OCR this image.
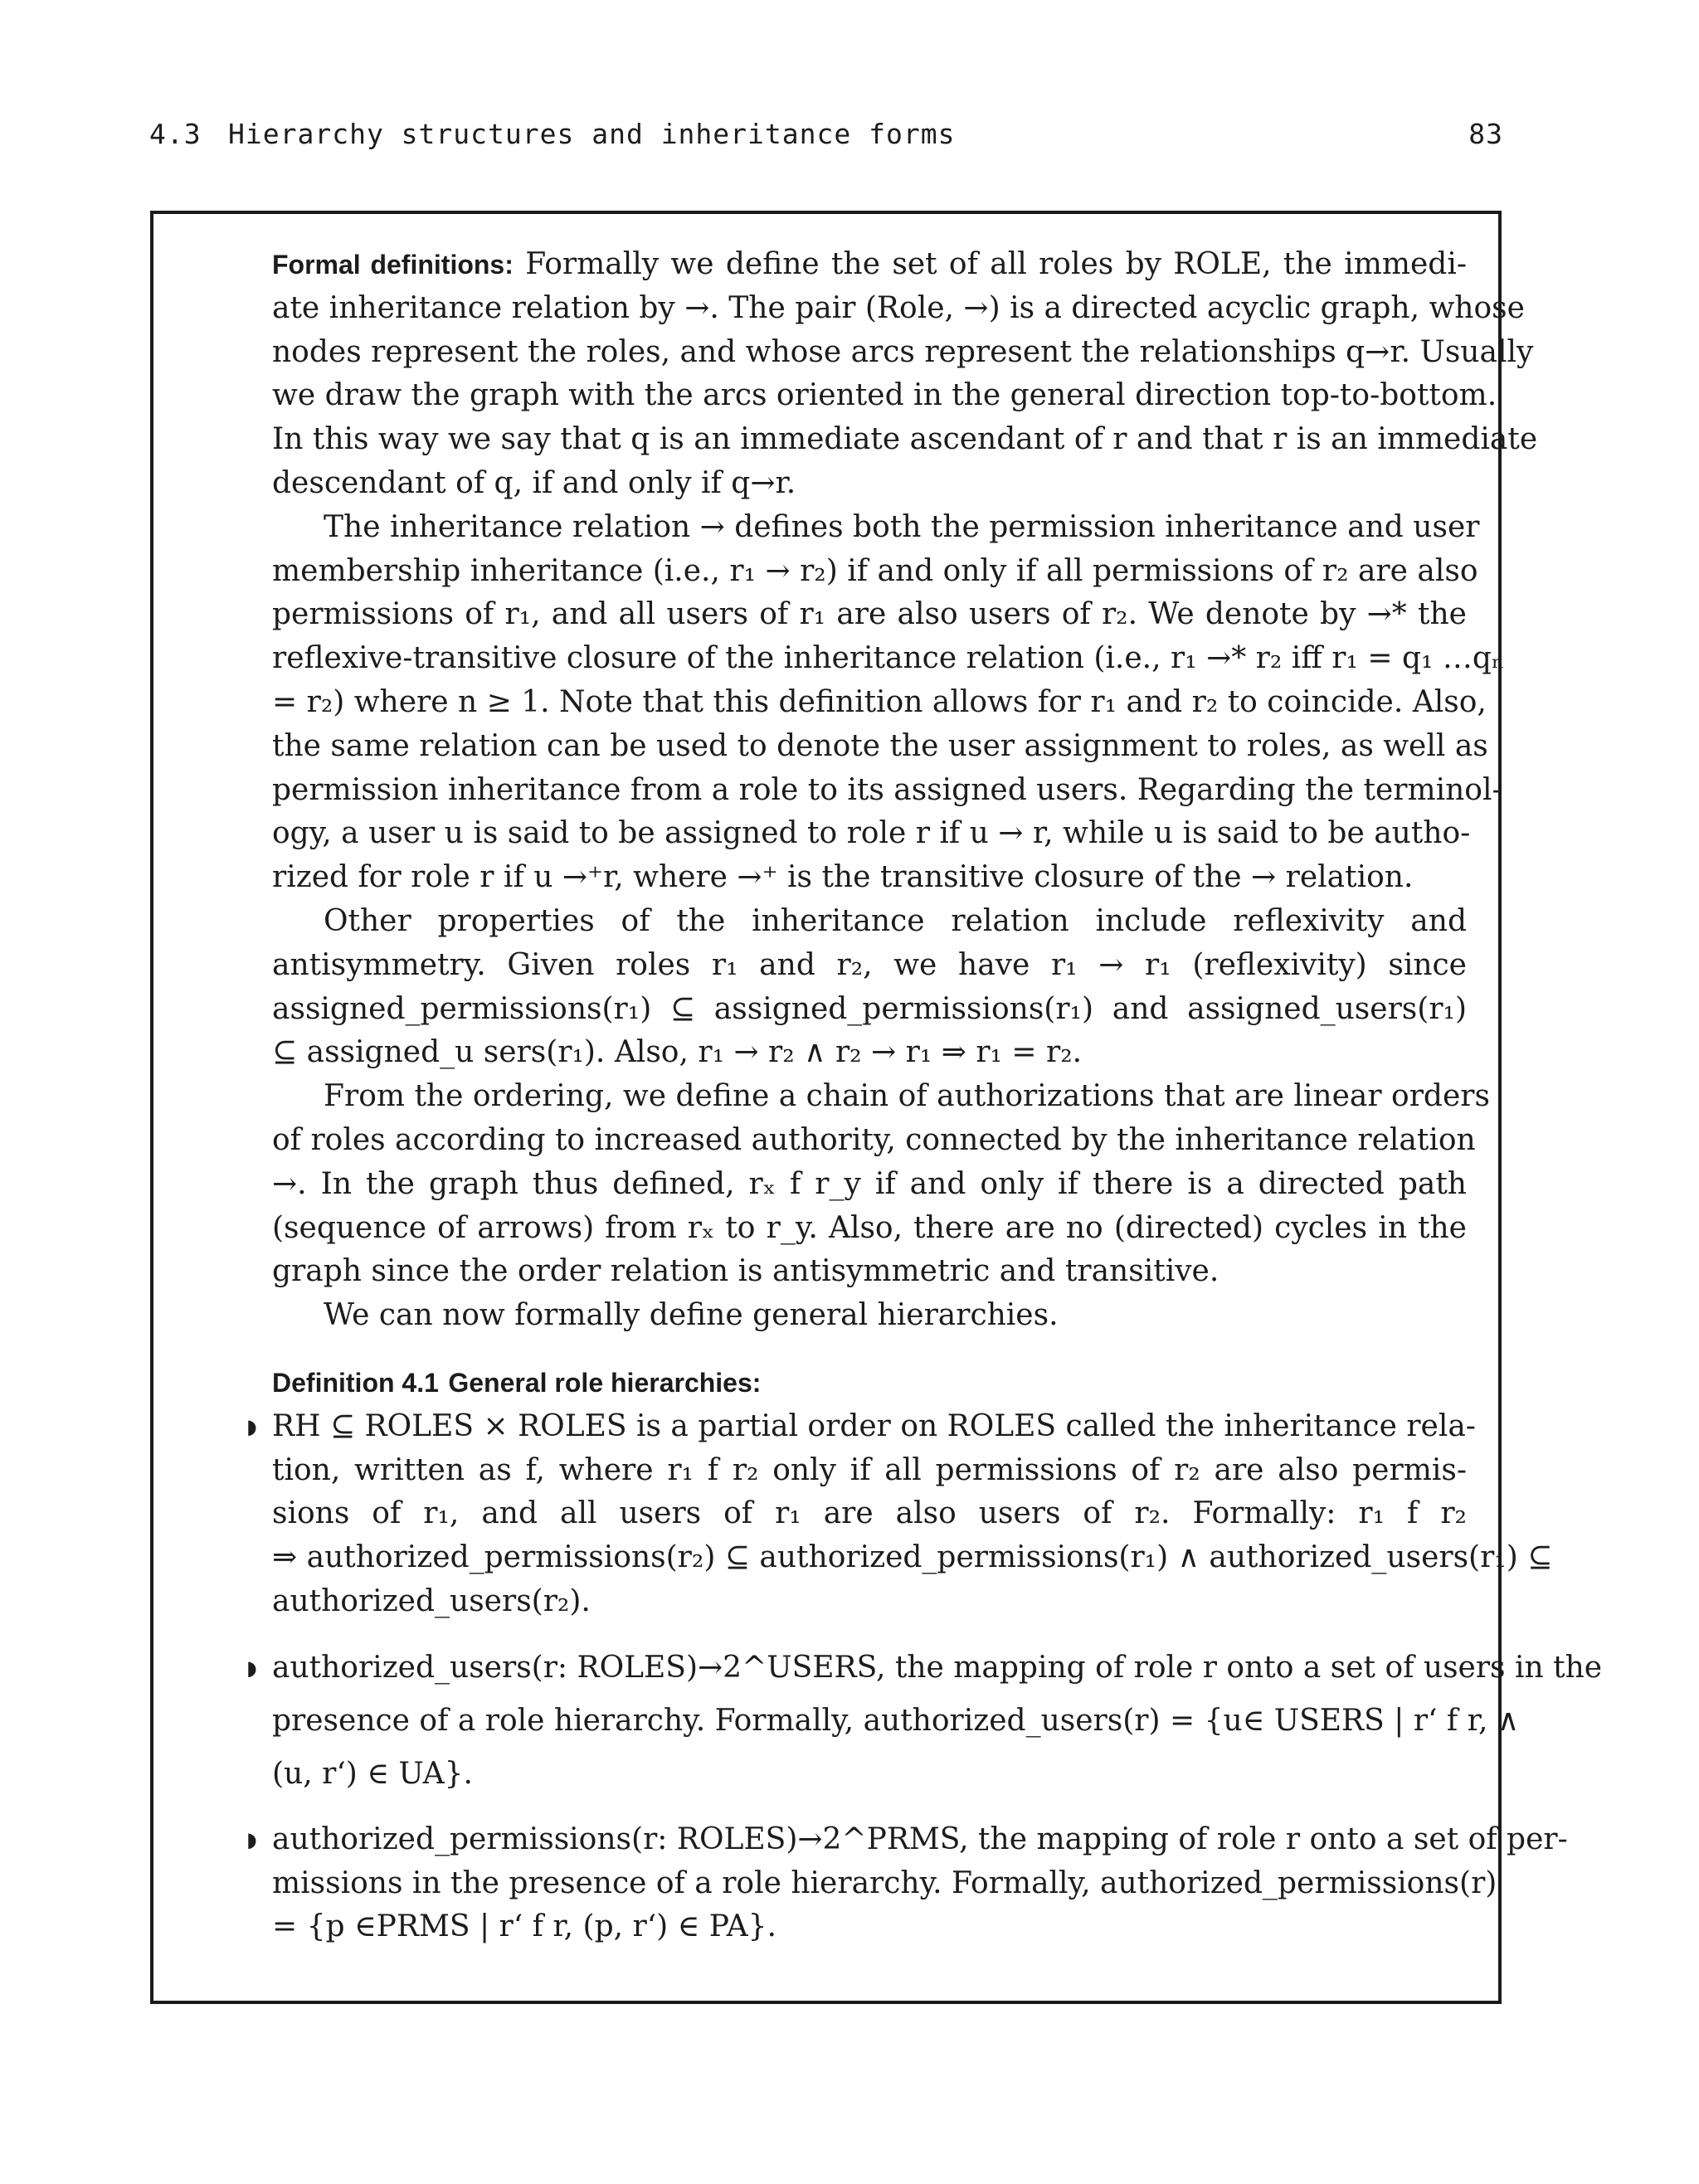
4.3 Hierarchy structures and inheritance forms	83
Formal definitions: Formally we define the set of all roles by ROLE, the immedi-
ate inheritance relation by →. The pair (Role, →) is a directed acyclic graph, whose
nodes represent the roles, and whose arcs represent the relationships q→r. Usually
we draw the graph with the arcs oriented in the general direction top-to-bottom.
In this way we say that q is an immediate ascendant of r and that r is an immediate
descendant of q, if and only if q→r.
The inheritance relation → defines both the permission inheritance and user
membership inheritance (i.e., r₁ → r₂) if and only if all permissions of r₂ are also
permissions of r₁, and all users of r₁ are also users of r₂. We denote by →* the
reflexive-transitive closure of the inheritance relation (i.e., r₁ →* r₂ iff r₁ = q₁ …qₙ
= r₂) where n ≥ 1. Note that this definition allows for r₁ and r₂ to coincide. Also,
the same relation can be used to denote the user assignment to roles, as well as
permission inheritance from a role to its assigned users. Regarding the terminol-
ogy, a user u is said to be assigned to role r if u → r, while u is said to be autho-
rized for role r if u →⁺r, where →⁺ is the transitive closure of the → relation.
Other properties of the inheritance relation include reflexivity and
antisymmetry. Given roles r₁ and r₂, we have r₁ → r₁ (reflexivity) since
assigned_permissions(r₁) ⊆ assigned_permissions(r₁) and assigned_users(r₁)
⊆ assigned_u sers(r₁). Also, r₁ → r₂ ∧ r₂ → r₁ ⇒ r₁ = r₂.
From the ordering, we define a chain of authorizations that are linear orders
of roles according to increased authority, connected by the inheritance relation
→. In the graph thus defined, rₓ f r_y if and only if there is a directed path
(sequence of arrows) from rₓ to r_y. Also, there are no (directed) cycles in the
graph since the order relation is antisymmetric and transitive.
We can now formally define general hierarchies.
Definition 4.1 General role hierarchies:
◗ RH ⊆ ROLES × ROLES is a partial order on ROLES called the inheritance rela-
tion, written as f, where r₁ f r₂ only if all permissions of r₂ are also permis-
sions of r₁, and all users of r₁ are also users of r₂. Formally: r₁ f r₂
⇒ authorized_permissions(r₂) ⊆ authorized_permissions(r₁) ∧ authorized_users(r₁) ⊆
authorized_users(r₂).
◗ authorized_users(r: ROLES)→2^USERS, the mapping of role r onto a set of users in the
presence of a role hierarchy. Formally, authorized_users(r) = {u∈ USERS | r‘ f r, ∧
(u, r‘) ∈ UA}.
◗ authorized_permissions(r: ROLES)→2^PRMS, the mapping of role r onto a set of per-
missions in the presence of a role hierarchy. Formally, authorized_permissions(r)
= {p ∈PRMS | r‘ f r, (p, r‘) ∈ PA}.
